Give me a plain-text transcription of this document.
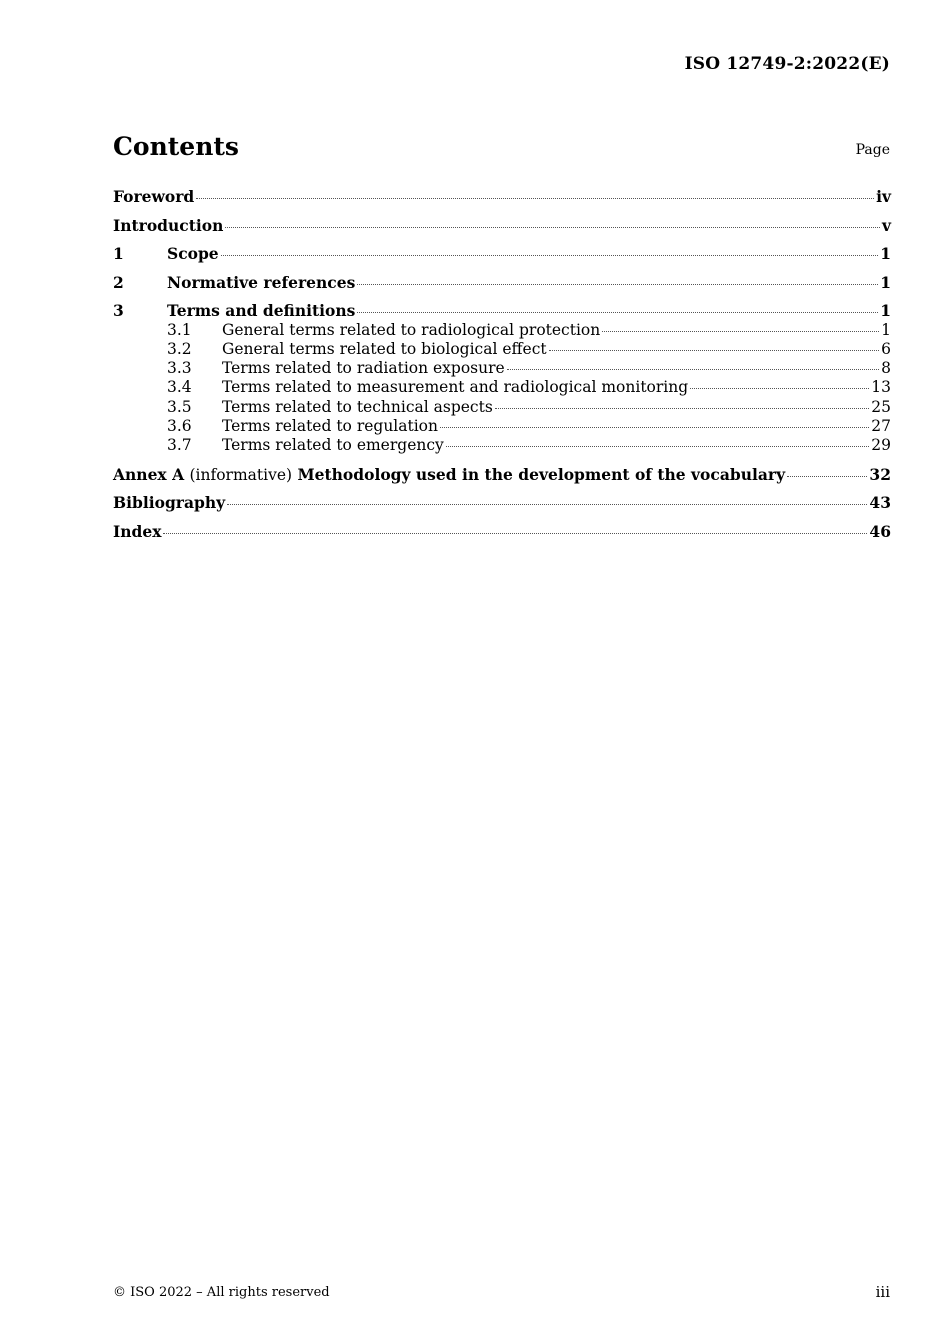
ISO 12749-2:2022(E)
Contents	Page
Foreword	iv
Introduction	v
1	Scope	1
2	Normative references	1
3	Terms and definitions	1
3.1	General terms related to radiological protection	1
3.2	General terms related to biological effect	6
3.3	Terms related to radiation exposure	8
3.4	Terms related to measurement and radiological monitoring	13
3.5	Terms related to technical aspects	25
3.6	Terms related to regulation	27
3.7	Terms related to emergency	29
Annex A (informative) Methodology used in the development of the vocabulary	32
Bibliography	43
Index	46
© ISO 2022 – All rights reserved	iii
